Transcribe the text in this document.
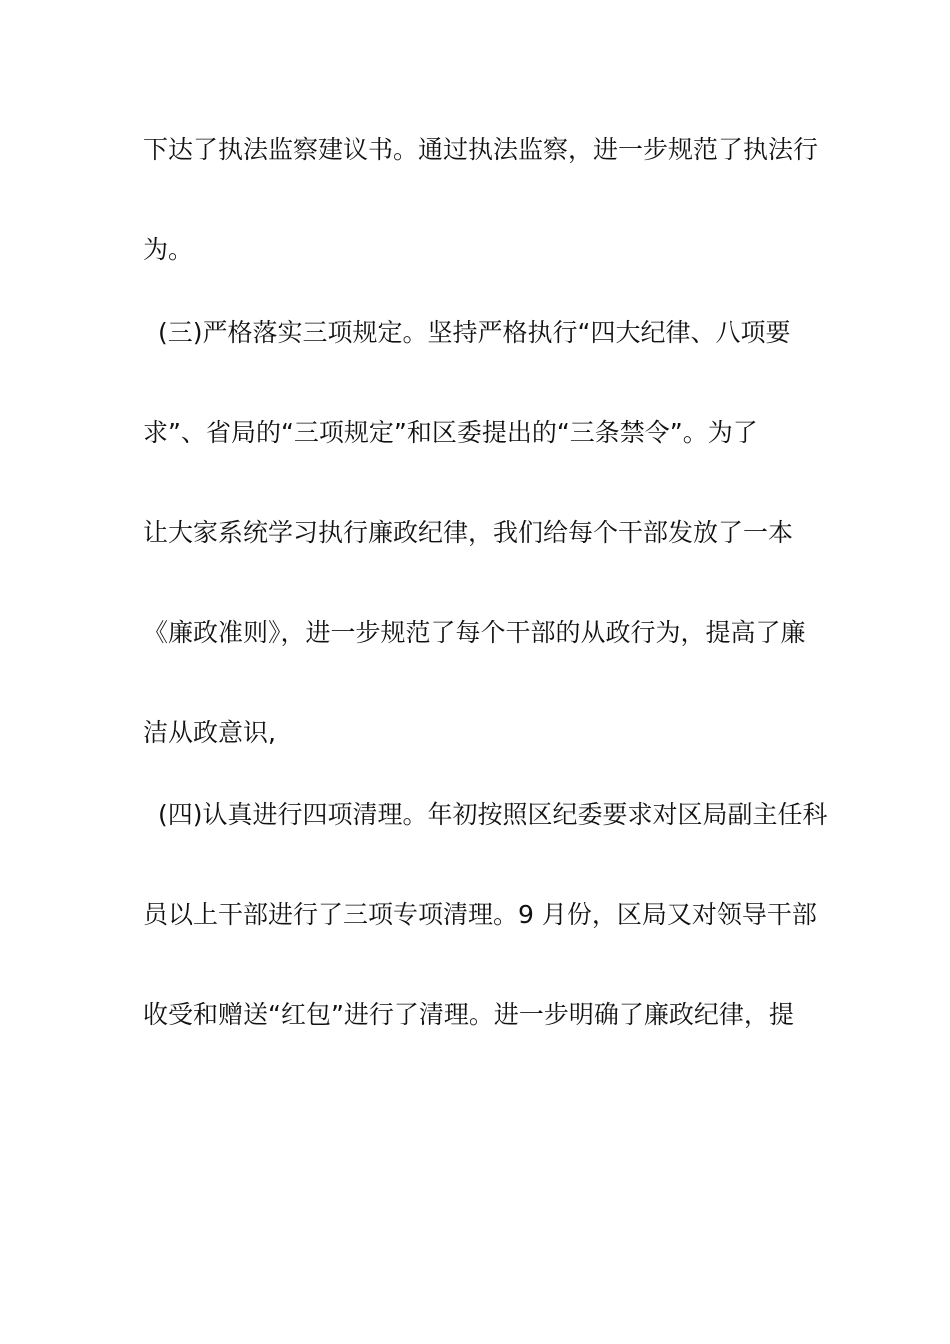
下达了执法监察建议书。通过执法监察，进一步规范了执法行
为。
(三)严格落实三项规定。坚持严格执行“四大纪律、八项要
求”、省局的“三项规定”和区委提出的“三条禁令”。为了
让大家系统学习执行廉政纪律，我们给每个干部发放了一本
《廉政准则》，进一步规范了每个干部的从政行为，提高了廉
洁从政意识,
(四)认真进行四项清理。年初按照区纪委要求对区局副主任科
员以上干部进行了三项专项清理。9 月份，区局又对领导干部
收受和赠送“红包”进行了清理。进一步明确了廉政纪律，提
